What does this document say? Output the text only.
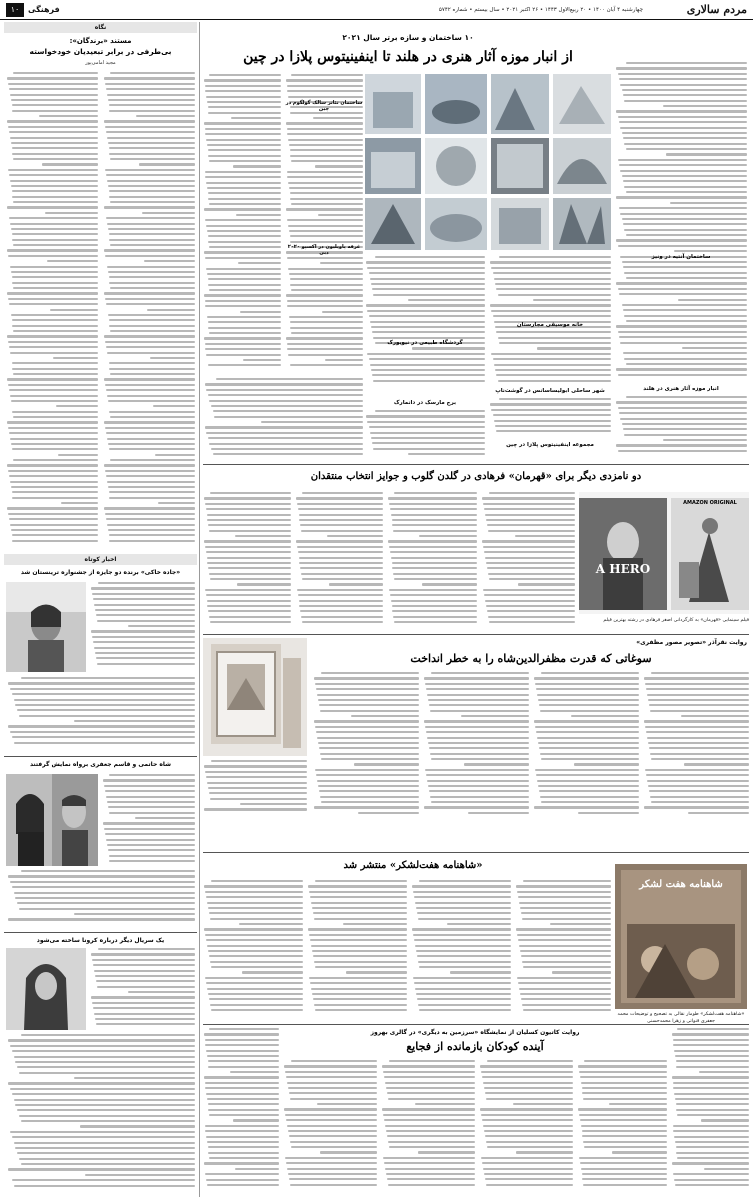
مردم سالاری
چهارشنبه ۴ آبان ۱۴۰۰ • ۲۰ ربیع‌الاول ۱۴۴۳ • ۲۶ اکتبر ۲۰۲۱ • سال بیستم • شماره ۵۷۴۲
فرهنگی
۱۰
نگاه
مستند «برندگان»:
بی‌طرفی در برابر تبعیدیان خودخواسته
مجید امامی‌پور
اخبار کوتاه
«جاده خاکی» برنده دو جایزه از جشنواره ترینستان شد
شاه حاتمی و قاسم جعفری برواه نمایش گرفتند
یک سریال دیگر درباره کرونا ساخته می‌شود
۱۰ ساختمان و سازه برتر سال ۲۰۲۱
از انبار موزه آثار هنری در هلند تا اینفینیتوس پلازا در چین
خانه موسیقی مجارستان
گردشگاه طبیعی در نیویورک
برج مارسک در دانمارک
ساختمان تئاتر سالک گولگوم در چین
غرفه پاویلیون در اکسپو ۲۰۲۰ دبی
شهر ساحلی ابولیساسانس در گوشت‌ناپ
مجموعه اینفینیتوس پلازا در چین
انبار موزه آثار هنری در هلند
ساختمان آنتیه در ونیز
دو نامزدی دیگر برای «قهرمان» فرهادی در گلدن گلوب و جوایز انتخاب منتقدان
AMAZON ORIGINAL
A HERO
فیلم سینمایی «قهرمان» به کارگردانی اصغر فرهادی در رشته بهترین فیلم
روایت نقرآذر «تصویر مصور مظفری»
سوغاتی که قدرت مظفرالدین‌شاه را به خطر انداخت
«شاهنامه هفت‌لشکر» منتشر شد
شاهنامه هفت لشکر
«شاهنامه هفت‌لشکر» طومار نقالی به تصحیح و توضیحات محمد جعفری قنواتی و زهرا محمدحسنی
روایت کاتیون کسلیان از نمایشگاه «سرزمین به دیگری» در گالری بهروز
آینده کودکان بازمانده از فجایع
